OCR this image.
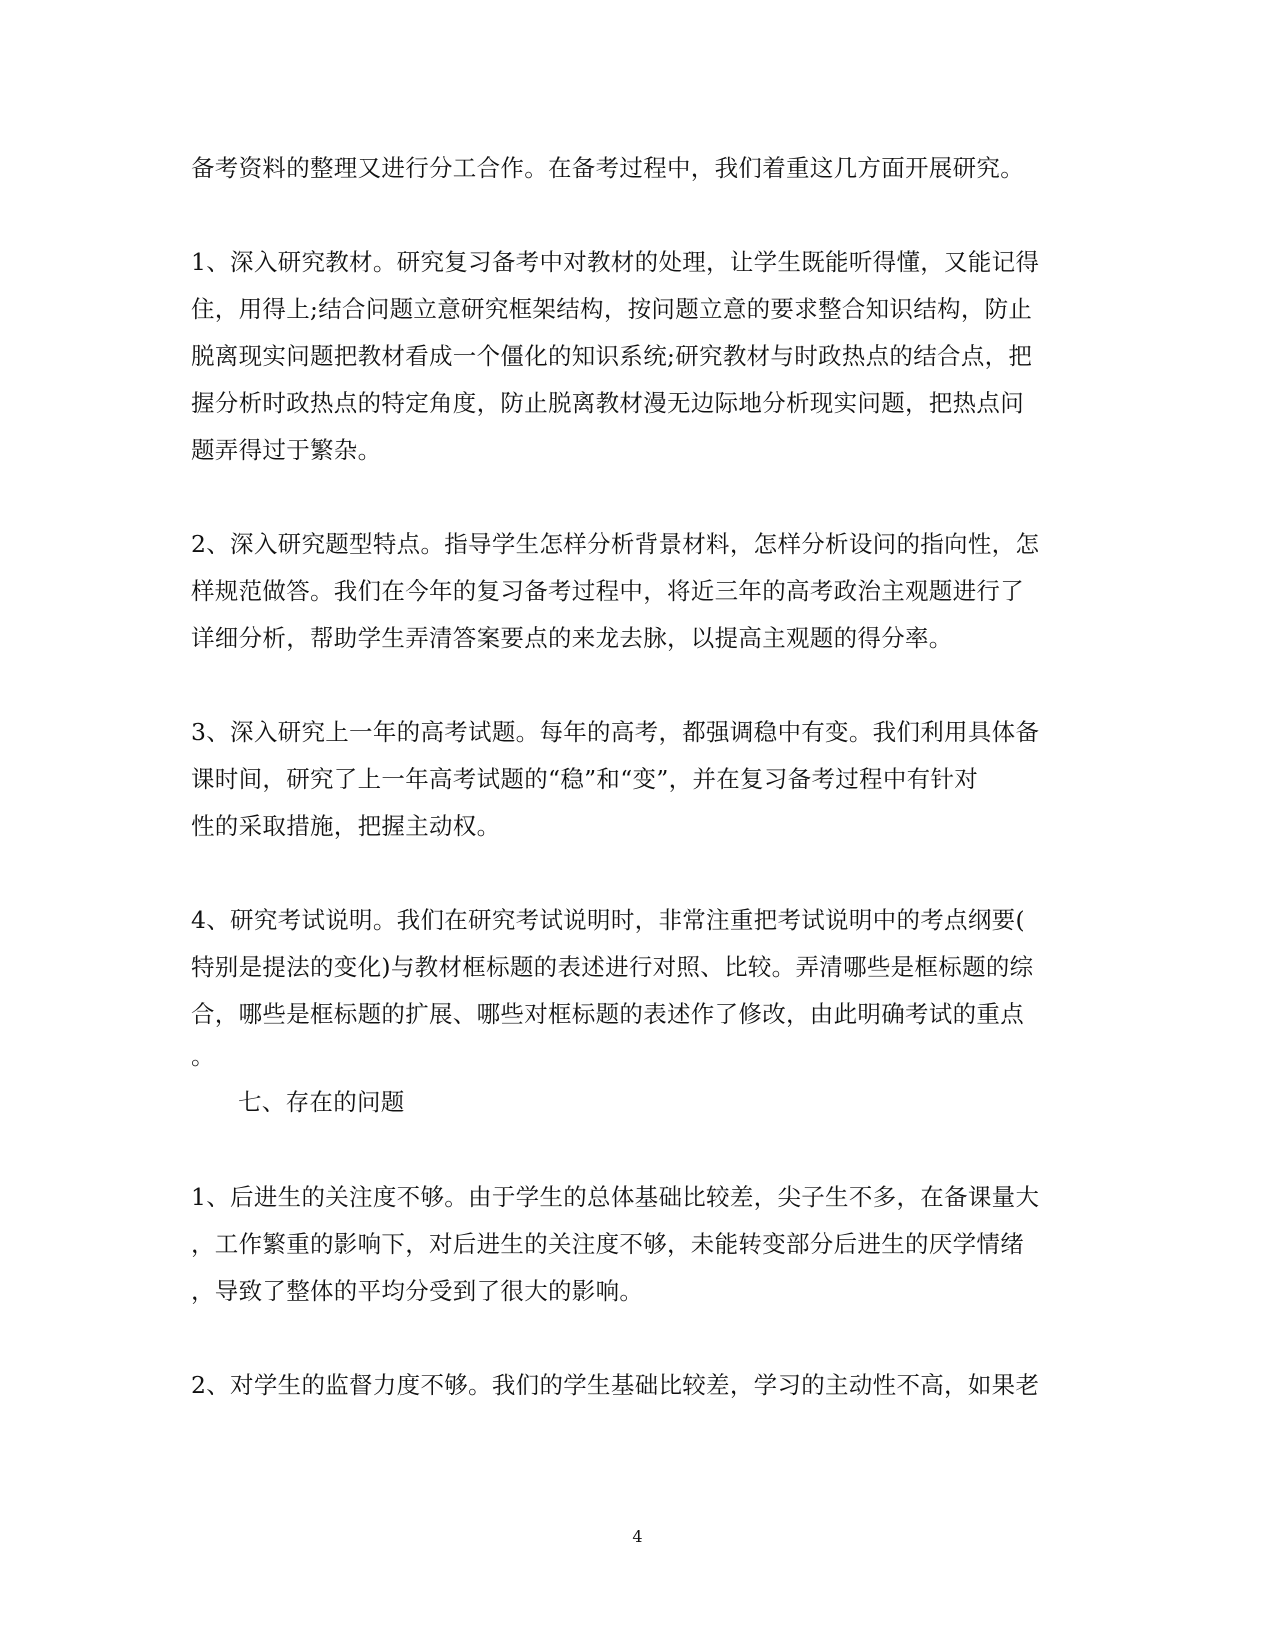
备考资料的整理又进行分工合作。在备考过程中，我们着重这几方面开展研究。
1、深入研究教材。研究复习备考中对教材的处理，让学生既能听得懂，又能记得
住，用得上;结合问题立意研究框架结构，按问题立意的要求整合知识结构，防止
脱离现实问题把教材看成一个僵化的知识系统;研究教材与时政热点的结合点，把
握分析时政热点的特定角度，防止脱离教材漫无边际地分析现实问题，把热点问
题弄得过于繁杂。
2、深入研究题型特点。指导学生怎样分析背景材料，怎样分析设问的指向性，怎
样规范做答。我们在今年的复习备考过程中，将近三年的高考政治主观题进行了
详细分析，帮助学生弄清答案要点的来龙去脉，以提高主观题的得分率。
3、深入研究上一年的高考试题。每年的高考，都强调稳中有变。我们利用具体备
课时间，研究了上一年高考试题的“稳”和“变”，并在复习备考过程中有针对
性的采取措施，把握主动权。
4、研究考试说明。我们在研究考试说明时，非常注重把考试说明中的考点纲要(
特别是提法的变化)与教材框标题的表述进行对照、比较。弄清哪些是框标题的综
合，哪些是框标题的扩展、哪些对框标题的表述作了修改，由此明确考试的重点
。
七、存在的问题
1、后进生的关注度不够。由于学生的总体基础比较差，尖子生不多，在备课量大
，工作繁重的影响下，对后进生的关注度不够，未能转变部分后进生的厌学情绪
，导致了整体的平均分受到了很大的影响。
2、对学生的监督力度不够。我们的学生基础比较差，学习的主动性不高，如果老
4
